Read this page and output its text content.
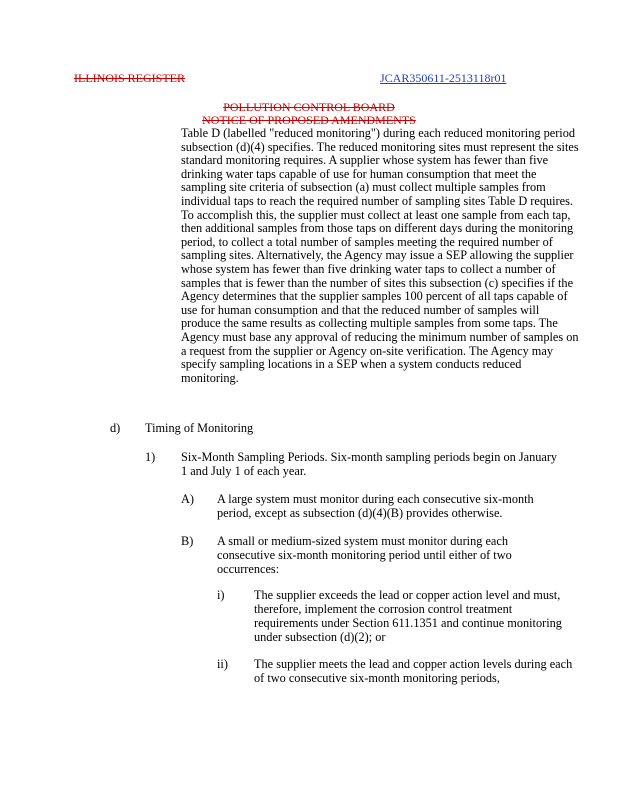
ILLINOIS REGISTER	JCAR350611-2513118r01
POLLUTION CONTROL BOARD
NOTICE OF PROPOSED AMENDMENTS
Table D (labelled "reduced monitoring") during each reduced monitoring period subsection (d)(4) specifies. The reduced monitoring sites must represent the sites standard monitoring requires. A supplier whose system has fewer than five drinking water taps capable of use for human consumption that meet the sampling site criteria of subsection (a) must collect multiple samples from individual taps to reach the required number of sampling sites Table D requires. To accomplish this, the supplier must collect at least one sample from each tap, then additional samples from those taps on different days during the monitoring period, to collect a total number of samples meeting the required number of sampling sites. Alternatively, the Agency may issue a SEP allowing the supplier whose system has fewer than five drinking water taps to collect a number of samples that is fewer than the number of sites this subsection (c) specifies if the Agency determines that the supplier samples 100 percent of all taps capable of use for human consumption and that the reduced number of samples will produce the same results as collecting multiple samples from some taps. The Agency must base any approval of reducing the minimum number of samples on a request from the supplier or Agency on-site verification. The Agency may specify sampling locations in a SEP when a system conducts reduced monitoring.
d) Timing of Monitoring
1) Six-Month Sampling Periods. Six-month sampling periods begin on January 1 and July 1 of each year.
A) A large system must monitor during each consecutive six-month period, except as subsection (d)(4)(B) provides otherwise.
B) A small or medium-sized system must monitor during each consecutive six-month monitoring period until either of two occurrences:
i) The supplier exceeds the lead or copper action level and must, therefore, implement the corrosion control treatment requirements under Section 611.1351 and continue monitoring under subsection (d)(2); or
ii) The supplier meets the lead and copper action levels during each of two consecutive six-month monitoring periods,
